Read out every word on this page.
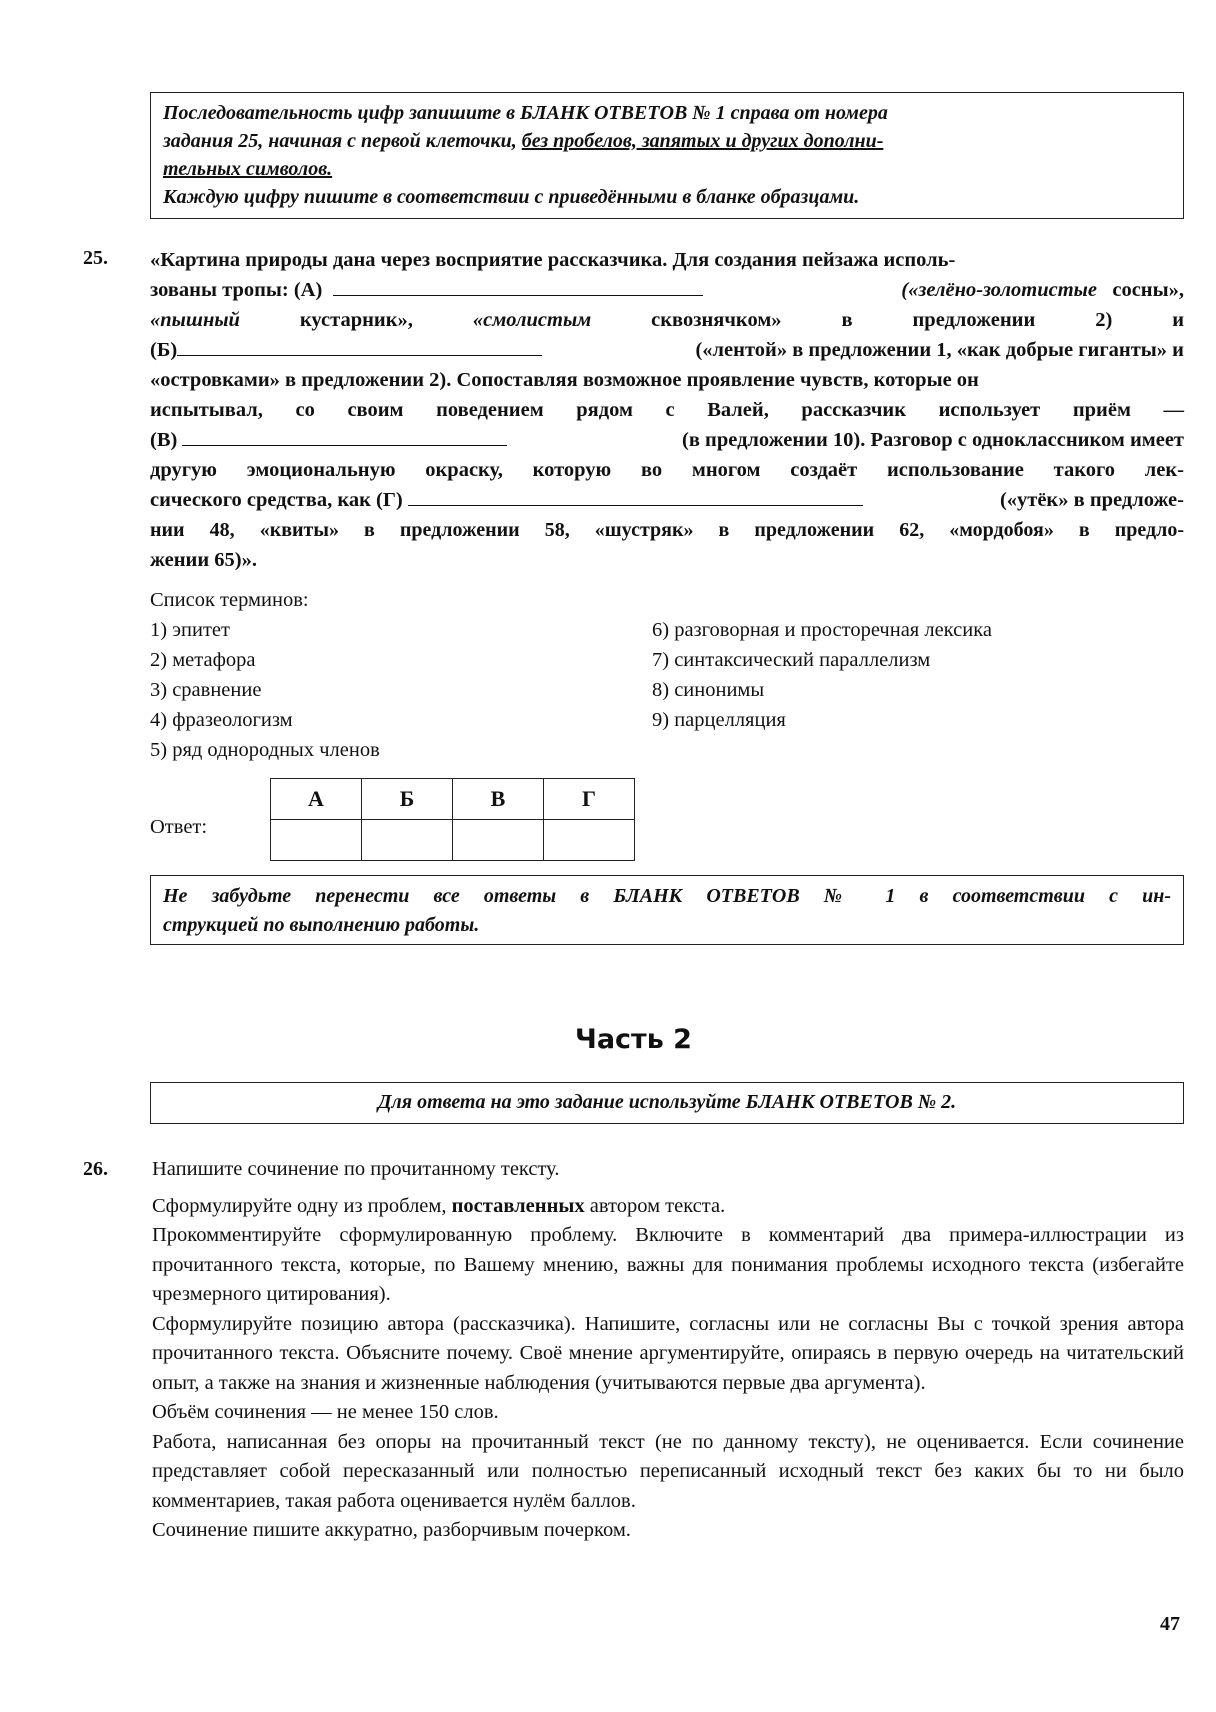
Последовательность цифр запишите в БЛАНК ОТВЕТОВ № 1 справа от номера

задания 25, начиная с первой клеточки, без пробелов, запятых и других дополни-

тельных символов.

Каждую цифру пишите в соответствии с приведёнными в бланке образцами.

25. «Картина природы дана через восприятие рассказчика. Для создания пейзажа исполь-
зованы тропы: (А)	(«зелёно-золотистые сосны»,
«пышный	кустарник»,	«смолистым	сквознячком»	в	предложении	2)	и
(Б)	(«лентой» в предложении 1, «как добрые гиганты» и
«островками» в предложении 2). Сопоставляя возможное проявление чувств, которые он
испытывал, со своим поведением рядом с Валей, рассказчик использует приём —
(В)	(в предложении 10). Разговор с одноклассником имеет
другую эмоциональную окраску, которую во многом создаёт использование такого лек-
сического средства, как (Г)	(«утёк» в предложе-
нии 48, «квиты» в предложении 58, «шустряк» в предложении 62, «мордобоя» в предло-
жении 65)».
Список терминов:
1) эпитет
2) метафора
3) сравнение
4) фразеологизм
5) ряд однородных членов
6) разговорная и просторечная лексика
7) синтаксический параллелизм
8) синонимы
9) парцелляция
Ответ:
А	Б	В	Г

Не забудьте перенести все ответы в БЛАНК ОТВЕТОВ № 1 в соответствии с ин-

струкцией по выполнению работы.

Часть 2
Для ответа на это задание используйте БЛАНК ОТВЕТОВ № 2.
26. Напишите сочинение по прочитанному тексту.
Сформулируйте одну из проблем, поставленных автором текста.
Прокомментируйте сформулированную проблему. Включите в комментарий два примера-иллюстрации из прочитанного текста, которые, по Вашему мнению, важны для понимания проблемы исходного текста (избегайте чрезмерного цитирования).
Сформулируйте позицию автора (рассказчика). Напишите, согласны или не согласны Вы с точкой зрения автора прочитанного текста. Объясните почему. Своё мнение аргументируйте, опираясь в первую очередь на читательский опыт, а также на знания и жизненные наблюдения (учитываются первые два аргумента).
Объём сочинения — не менее 150 слов.
Работа, написанная без опоры на прочитанный текст (не по данному тексту), не оценивается. Если сочинение представляет собой пересказанный или полностью переписанный исходный текст без каких бы то ни было комментариев, такая работа оценивается нулём баллов.
Сочинение пишите аккуратно, разборчивым почерком.
47
